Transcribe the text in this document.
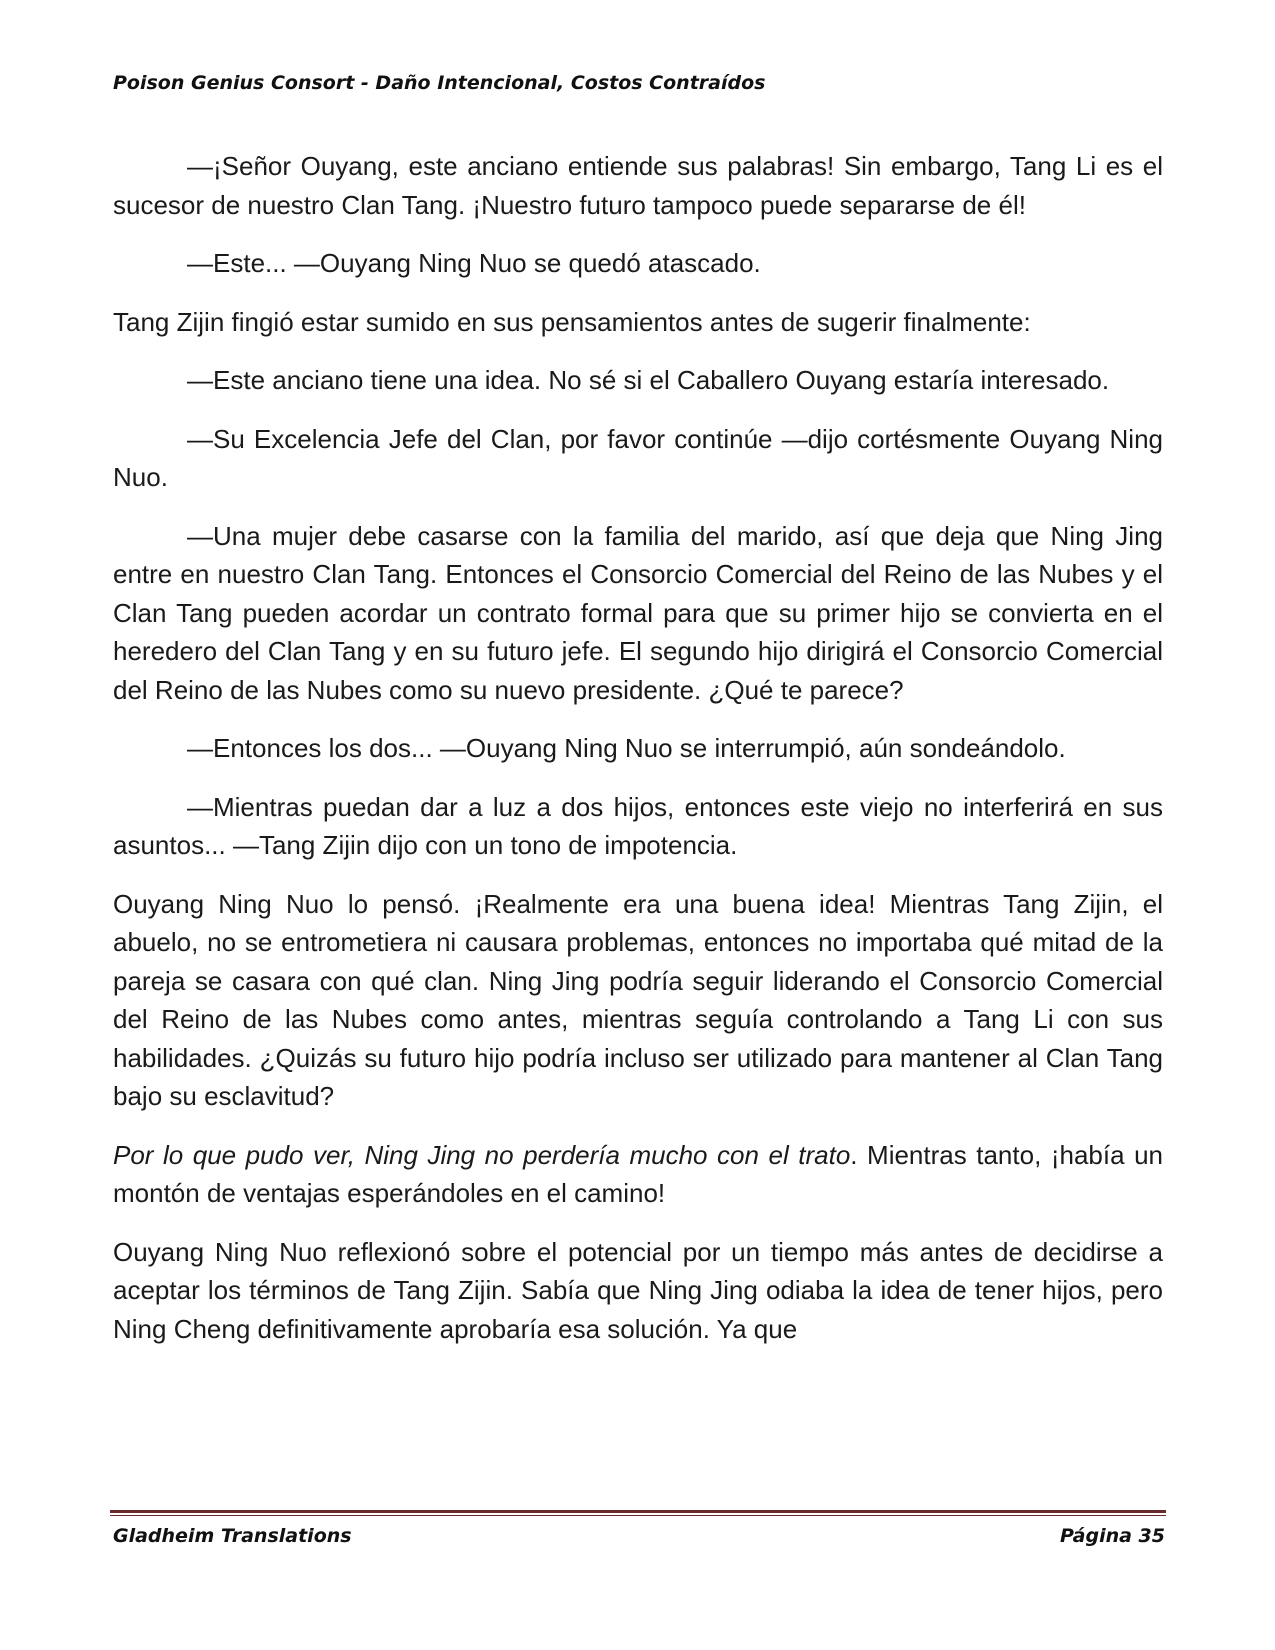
Poison Genius Consort - Daño Intencional, Costos Contraídos

—¡Señor Ouyang, este anciano entiende sus palabras! Sin embargo, Tang Li es el sucesor de nuestro Clan Tang. ¡Nuestro futuro tampoco puede separarse de él!

—Este... —Ouyang Ning Nuo se quedó atascado.

Tang Zijin fingió estar sumido en sus pensamientos antes de sugerir finalmente:

—Este anciano tiene una idea. No sé si el Caballero Ouyang estaría interesado.

—Su Excelencia Jefe del Clan, por favor continúe —dijo cortésmente Ouyang Ning Nuo.

—Una mujer debe casarse con la familia del marido, así que deja que Ning Jing entre en nuestro Clan Tang. Entonces el Consorcio Comercial del Reino de las Nubes y el Clan Tang pueden acordar un contrato formal para que su primer hijo se convierta en el heredero del Clan Tang y en su futuro jefe. El segundo hijo dirigirá el Consorcio Comercial del Reino de las Nubes como su nuevo presidente. ¿Qué te parece?

—Entonces los dos... —Ouyang Ning Nuo se interrumpió, aún sondeándolo.

—Mientras puedan dar a luz a dos hijos, entonces este viejo no interferirá en sus asuntos... —Tang Zijin dijo con un tono de impotencia.

Ouyang Ning Nuo lo pensó. ¡Realmente era una buena idea! Mientras Tang Zijin, el abuelo, no se entrometiera ni causara problemas, entonces no importaba qué mitad de la pareja se casara con qué clan. Ning Jing podría seguir liderando el Consorcio Comercial del Reino de las Nubes como antes, mientras seguía controlando a Tang Li con sus habilidades. ¿Quizás su futuro hijo podría incluso ser utilizado para mantener al Clan Tang bajo su esclavitud?

Por lo que pudo ver, Ning Jing no perdería mucho con el trato. Mientras tanto, ¡había un montón de ventajas esperándoles en el camino!

Ouyang Ning Nuo reflexionó sobre el potencial por un tiempo más antes de decidirse a aceptar los términos de Tang Zijin. Sabía que Ning Jing odiaba la idea de tener hijos, pero Ning Cheng definitivamente aprobaría esa solución. Ya que

Gladheim Translations	Página 35
